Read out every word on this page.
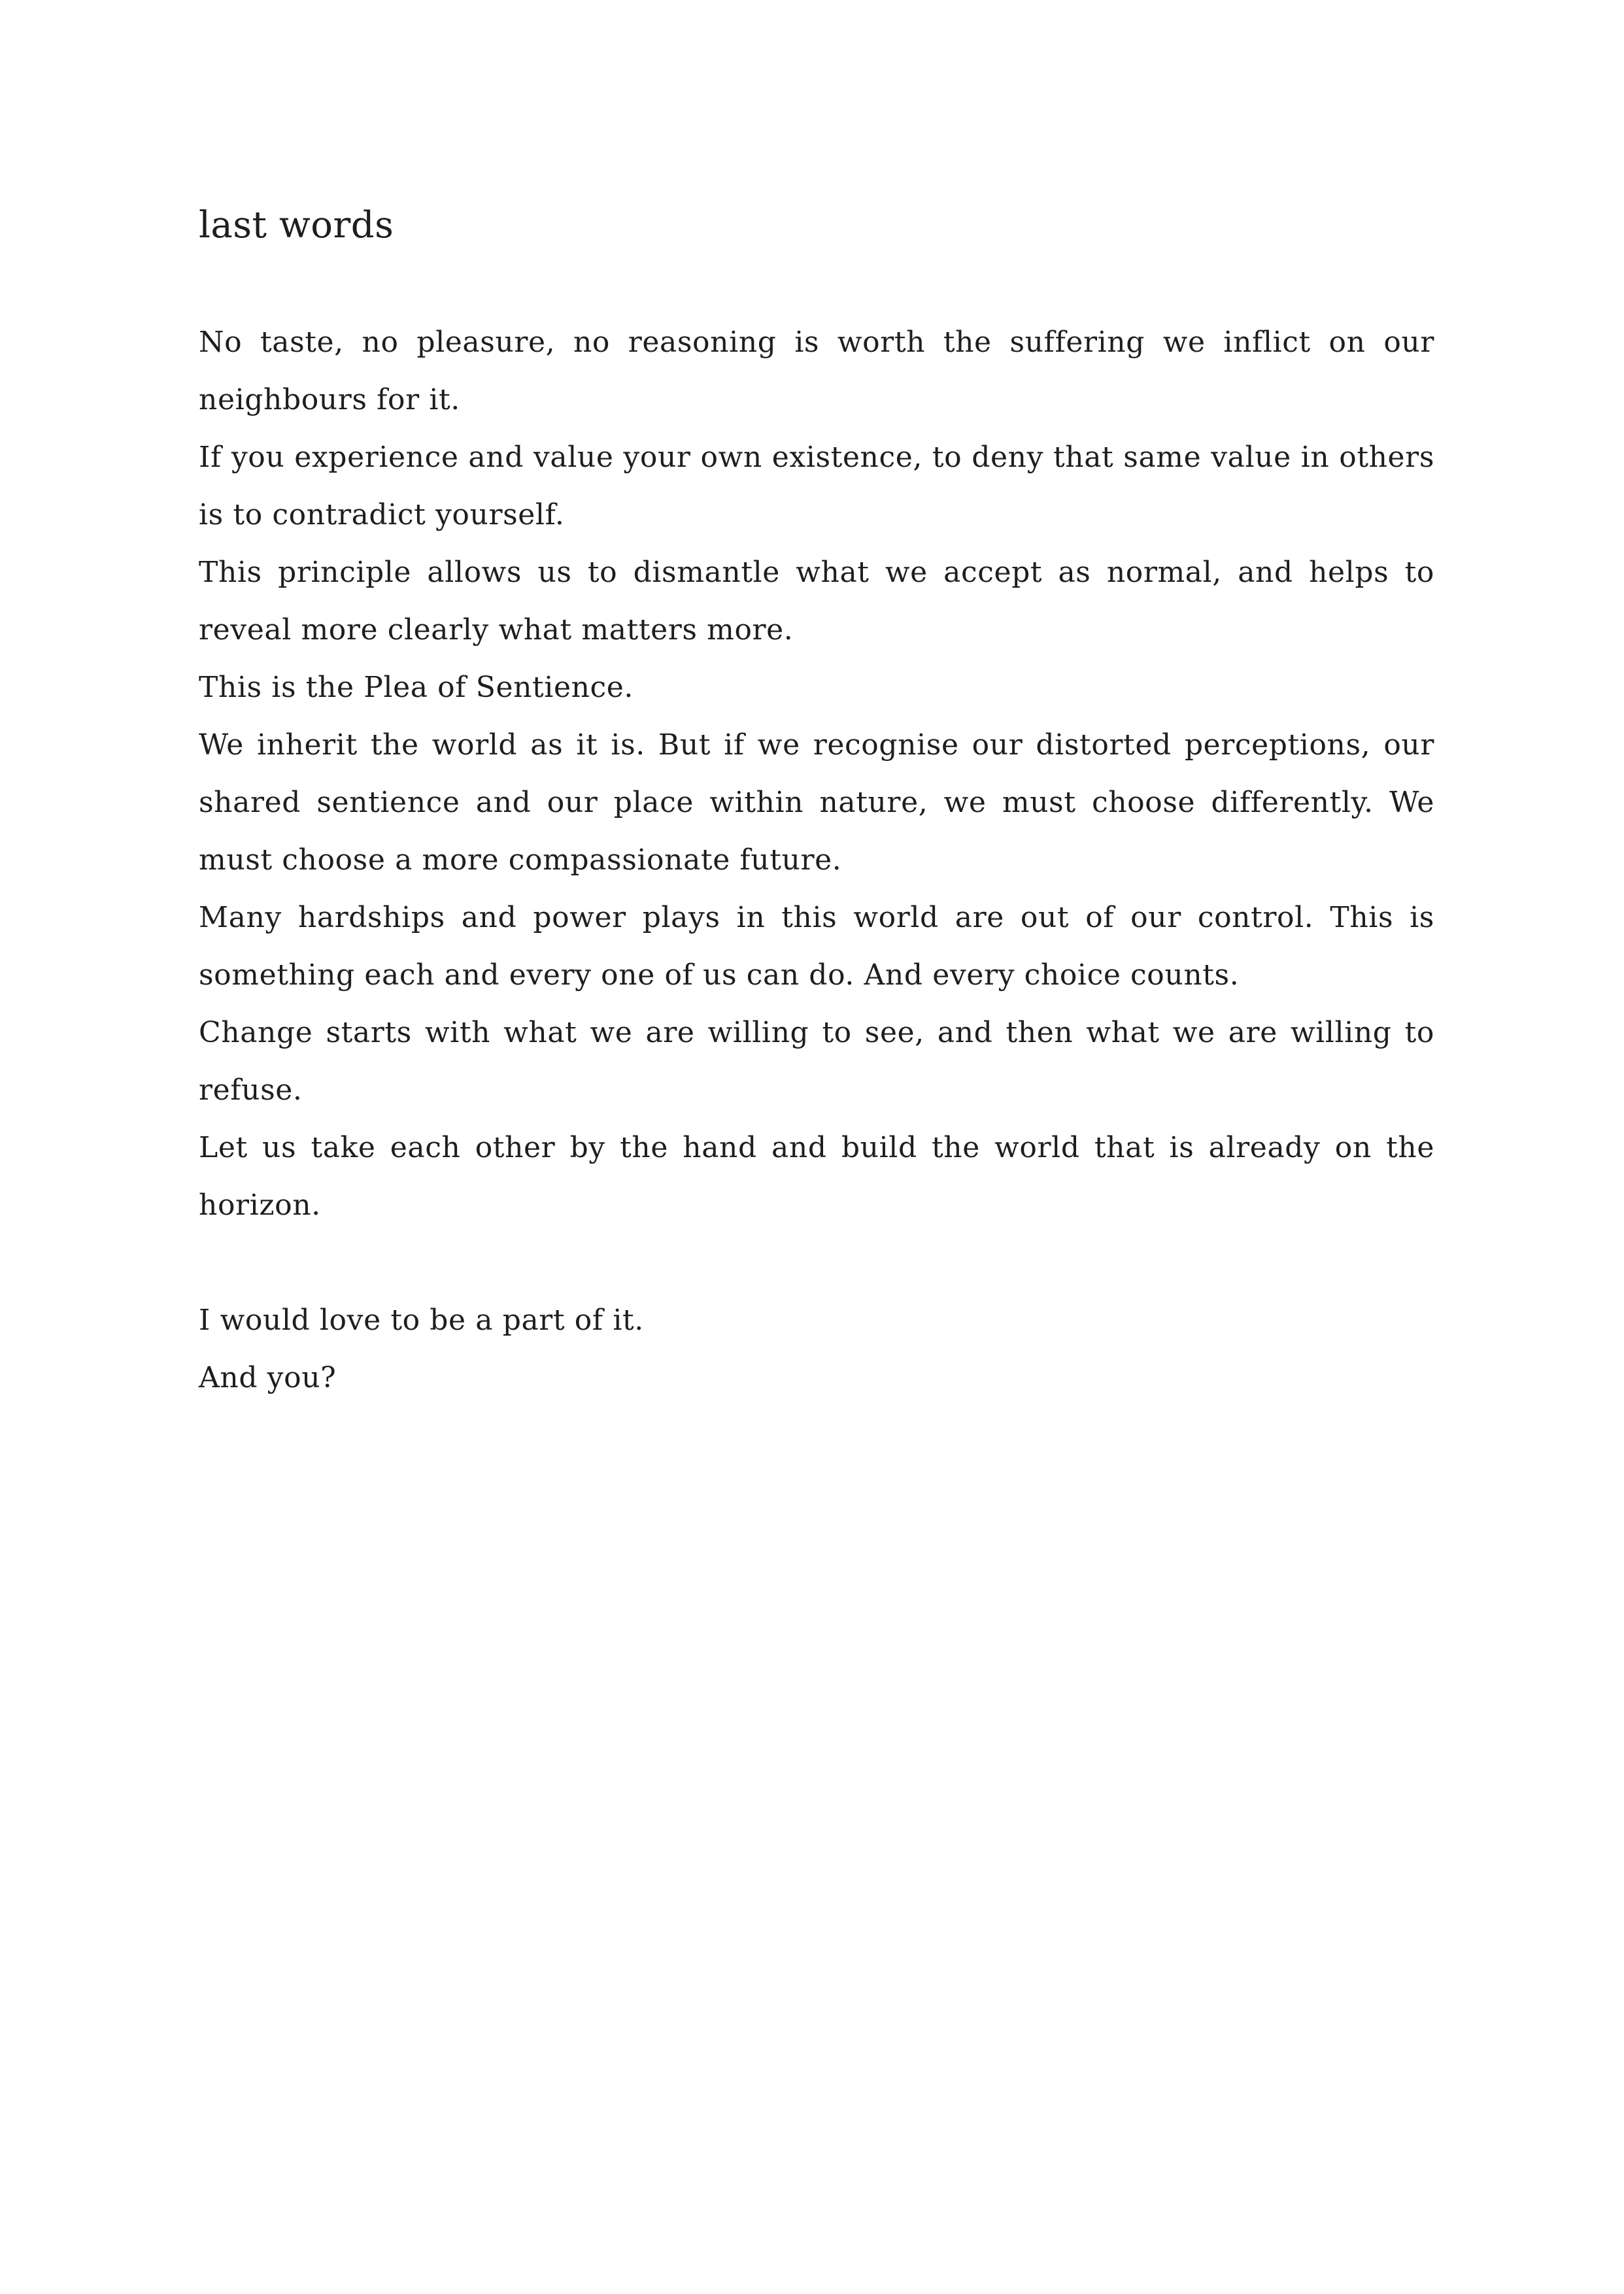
last words

No taste, no pleasure, no reasoning is worth the suffering we inflict on our neighbours for it.

If you experience and value your own existence, to deny that same value in others is to contradict yourself.

This principle allows us to dismantle what we accept as normal, and helps to reveal more clearly what matters more.

This is the Plea of Sentience.

We inherit the world as it is. But if we recognise our distorted perceptions, our shared sentience and our place within nature, we must choose differently. We must choose a more compassionate future.

Many hardships and power plays in this world are out of our control. This is something each and every one of us can do. And every choice counts.

Change starts with what we are willing to see, and then what we are willing to refuse.

Let us take each other by the hand and build the world that is already on the horizon.

I would love to be a part of it.

And you?
